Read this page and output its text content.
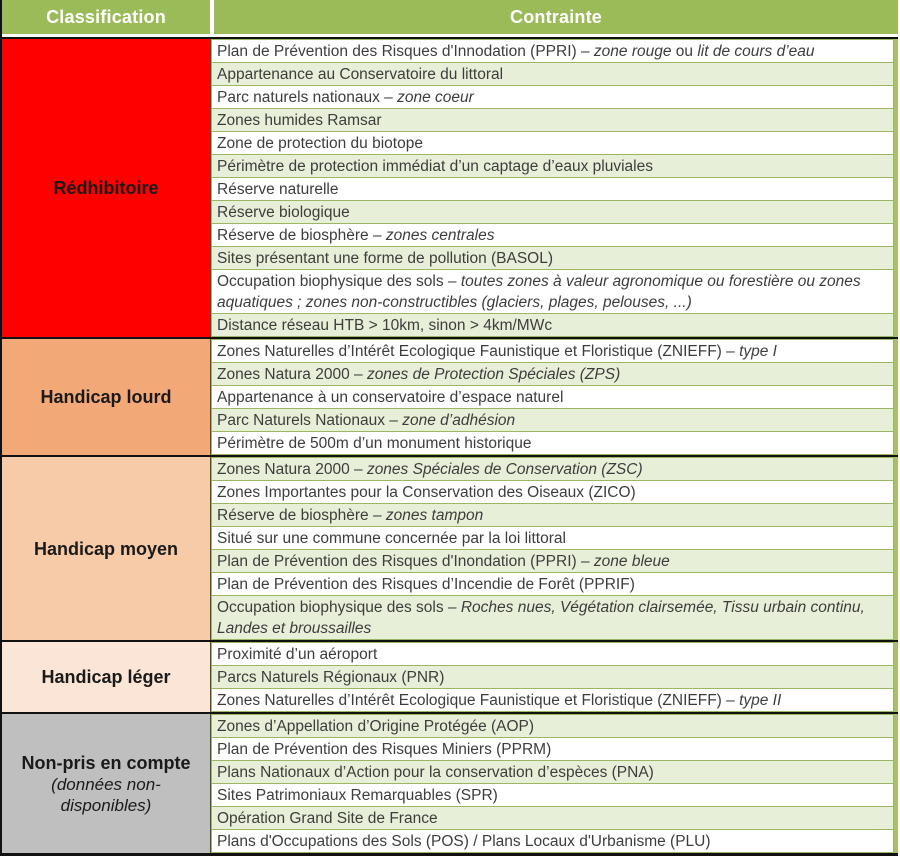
Classification	Contrainte
Rédhibitoire
Plan de Prévention des Risques d'Innodation (PPRI) – zone rouge ou lit de cours d’eau
Appartenance au Conservatoire du littoral
Parc naturels nationaux – zone coeur
Zones humides Ramsar
Zone de protection du biotope
Périmètre de protection immédiat d’un captage d’eaux pluviales
Réserve naturelle
Réserve biologique
Réserve de biosphère – zones centrales
Sites présentant une forme de pollution (BASOL)
Occupation biophysique des sols – toutes zones à valeur agronomique ou forestière ou zones aquatiques ; zones non-constructibles (glaciers, plages, pelouses, ...)
Distance réseau HTB > 10km, sinon > 4km/MWc
Handicap lourd
Zones Naturelles d’Intérêt Ecologique Faunistique et Floristique (ZNIEFF) – type I
Zones Natura 2000 – zones de Protection Spéciales (ZPS)
Appartenance à un conservatoire d’espace naturel
Parc Naturels Nationaux – zone d’adhésion
Périmètre de 500m d’un monument historique
Handicap moyen
Zones Natura 2000 – zones Spéciales de Conservation (ZSC)
Zones Importantes pour la Conservation des Oiseaux (ZICO)
Réserve de biosphère – zones tampon
Situé sur une commune concernée par la loi littoral
Plan de Prévention des Risques d'Inondation (PPRI) – zone bleue
Plan de Prévention des Risques d’Incendie de Forêt (PPRIF)
Occupation biophysique des sols – Roches nues, Végétation clairsemée, Tissu urbain continu, Landes et broussailles
Handicap léger
Proximité d’un aéroport
Parcs Naturels Régionaux (PNR)
Zones Naturelles d’Intérêt Ecologique Faunistique et Floristique (ZNIEFF) – type II
Non-pris en compte
(données non-disponibles)
Zones d’Appellation d’Origine Protégée (AOP)
Plan de Prévention des Risques Miniers (PPRM)
Plans Nationaux d’Action pour la conservation d’espèces (PNA)
Sites Patrimoniaux Remarquables (SPR)
Opération Grand Site de France
Plans d'Occupations des Sols (POS) / Plans Locaux d'Urbanisme (PLU)
